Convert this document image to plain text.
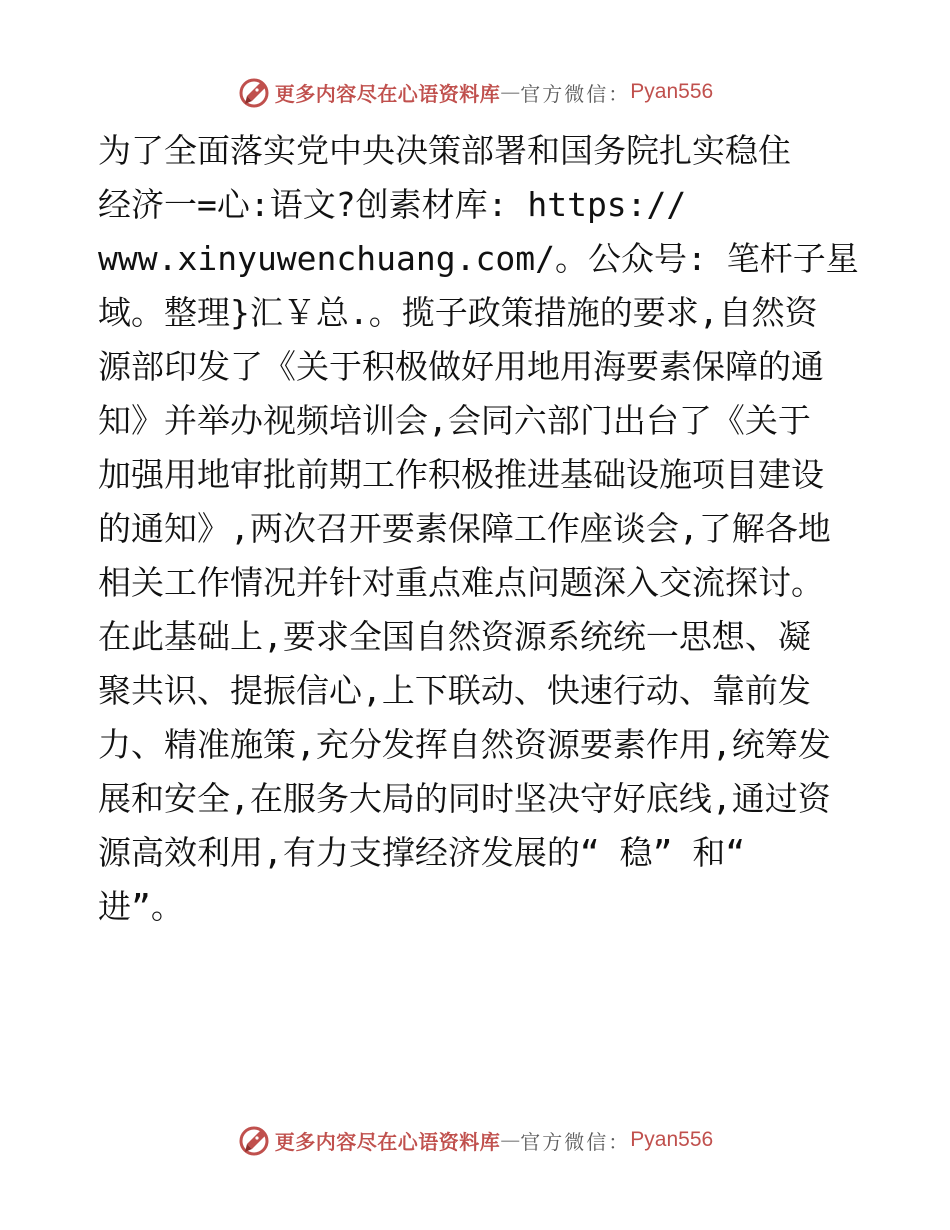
更多内容尽在心语资料库 — 官方微信： Pyan556
为了全面落实党中央决策部署和国务院扎实稳住
经济一=心:语文?创素材库: https://
www.xinyuwenchuang.com/。公众号: 笔杆子星
域。整理}汇￥总.。揽子政策措施的要求,自然资
源部印发了《关于积极做好用地用海要素保障的通
知》并举办视频培训会,会同六部门出台了《关于
加强用地审批前期工作积极推进基础设施项目建设
的通知》,两次召开要素保障工作座谈会,了解各地
相关工作情况并针对重点难点问题深入交流探讨。
在此基础上,要求全国自然资源系统统一思想、凝
聚共识、提振信心,上下联动、快速行动、靠前发
力、精准施策,充分发挥自然资源要素作用,统筹发
展和安全,在服务大局的同时坚决守好底线,通过资
源高效利用,有力支撑经济发展的“ 稳” 和“
进”。
更多内容尽在心语资料库 — 官方微信： Pyan556
